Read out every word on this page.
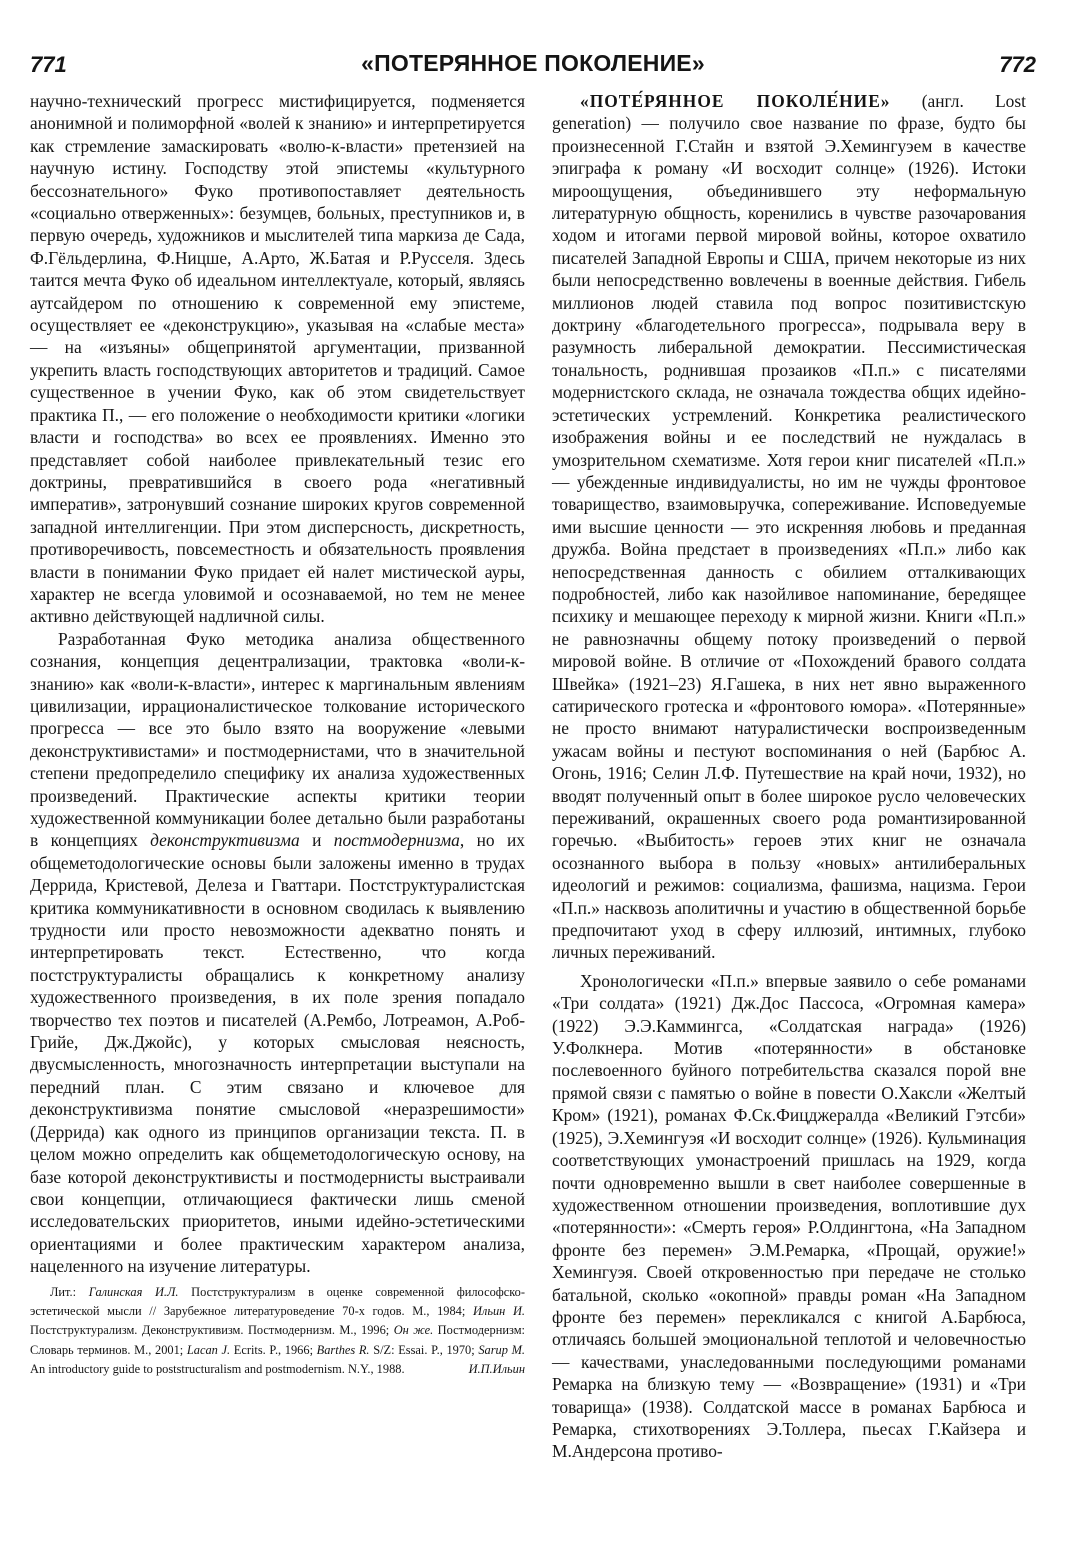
771	«ПОТЕРЯННОЕ ПОКОЛЕНИЕ»	772

научно-технический прогресс мистифицируется, подменяется анонимной и полиморфной «волей к знанию» и интерпретируется как стремление замаскировать «волю-к-власти» претензией на научную истину. Господству этой эпистемы «культурного бессознательного» Фуко противопоставляет деятельность «социально отверженных»: безумцев, больных, преступников и, в первую очередь, художников и мыслителей типа маркиза де Сада, Ф.Гёльдерлина, Ф.Ницше, А.Арто, Ж.Батая и Р.Русселя. Здесь таится мечта Фуко об идеальном интеллектуале, который, являясь аутсайдером по отношению к современной ему эпистеме, осуществляет ее «деконструкцию», указывая на «слабые места» — на «изъяны» общепринятой аргументации, призванной укрепить власть господствующих авторитетов и традиций. Самое существенное в учении Фуко, как об этом свидетельствует практика П., — его положение о необходимости критики «логики власти и господства» во всех ее проявлениях. Именно это представляет собой наиболее привлекательный тезис его доктрины, превратившийся в своего рода «негативный императив», затронувший сознание широких кругов современной западной интеллигенции. При этом дисперсность, дискретность, противоречивость, повсеместность и обязательность проявления власти в понимании Фуко придает ей налет мистической ауры, характер не всегда уловимой и осознаваемой, но тем не менее активно действующей надличной силы.

Разработанная Фуко методика анализа общественного сознания, концепция децентрализации, трактовка «воли-к-знанию» как «воли-к-власти», интерес к маргинальным явлениям цивилизации, иррационалистическое толкование исторического прогресса — все это было взято на вооружение «левыми деконструктивистами» и постмодернистами, что в значительной степени предопределило специфику их анализа художественных произведений. Практические аспекты критики теории художественной коммуникации более детально были разработаны в концепциях деконструктивизма и постмодернизма, но их общеметодологические основы были заложены именно в трудах Деррида, Кристевой, Делеза и Гваттари. Постструктуралистская критика коммуникативности в основном сводилась к выявлению трудности или просто невозможности адекватно понять и интерпретировать текст. Естественно, что когда постструктуралисты обращались к конкретному анализу художественного произведения, в их поле зрения попадало творчество тех поэтов и писателей (А.Рембо, Лотреамон, А.Роб-Грийе, Дж.Джойс), у которых смысловая неясность, двусмысленность, многозначность интерпретации выступали на передний план. С этим связано и ключевое для деконструктивизма понятие смысловой «неразрешимости» (Деррида) как одного из принципов организации текста. П. в целом можно определить как общеметодологическую основу, на базе которой деконструктивисты и постмодернисты выстраивали свои концепции, отличающиеся фактически лишь сменой исследовательских приоритетов, иными идейно-эстетическими ориентациями и более практическим характером анализа, нацеленного на изучение литературы.

Лит.: Галинская И.Л. Постструктурализм в оценке современной философско-эстетической мысли // Зарубежное литературоведение 70-х годов. М., 1984; Ильин И. Постструктурализм. Деконструктивизм. Постмодернизм. М., 1996; Он же. Постмодернизм: Словарь терминов. М., 2001; Lacan J. Ecrits. P., 1966; Barthes R. S/Z: Essai. P., 1970; Sarup M. An introductory guide to poststructuralism and postmodernism. N.Y., 1988.	И.П.Ильин

«ПОТЕ́РЯННОЕ ПОКОЛЕ́НИЕ» (англ. Lost generation) — получило свое название по фразе, будто бы произнесенной Г.Стайн и взятой Э.Хемингуэем в качестве эпиграфа к роману «И восходит солнце» (1926). Истоки мироощущения, объединившего эту неформальную литературную общность, коренились в чувстве разочарования ходом и итогами первой мировой войны, которое охватило писателей Западной Европы и США, причем некоторые из них были непосредственно вовлечены в военные действия. Гибель миллионов людей ставила под вопрос позитивистскую доктрину «благодетельного прогресса», подрывала веру в разумность либеральной демократии. Пессимистическая тональность, роднившая прозаиков «П.п.» с писателями модернистского склада, не означала тождества общих идейно-эстетических устремлений. Конкретика реалистического изображения войны и ее последствий не нуждалась в умозрительном схематизме. Хотя герои книг писателей «П.п.» — убежденные индивидуалисты, но им не чужды фронтовое товарищество, взаимовыручка, сопереживание. Исповедуемые ими высшие ценности — это искренняя любовь и преданная дружба. Война предстает в произведениях «П.п.» либо как непосредственная данность с обилием отталкивающих подробностей, либо как назойливое напоминание, бередящее психику и мешающее переходу к мирной жизни. Книги «П.п.» не равнозначны общему потоку произведений о первой мировой войне. В отличие от «Похождений бравого солдата Швейка» (1921–23) Я.Гашека, в них нет явно выраженного сатирического гротеска и «фронтового юмора». «Потерянные» не просто внимают натуралистически воспроизведенным ужасам войны и пестуют воспоминания о ней (Барбюс А. Огонь, 1916; Селин Л.Ф. Путешествие на край ночи, 1932), но вводят полученный опыт в более широкое русло человеческих переживаний, окрашенных своего рода романтизированной горечью. «Выбитость» героев этих книг не означала осознанного выбора в пользу «новых» антилиберальных идеологий и режимов: социализма, фашизма, нацизма. Герои «П.п.» насквозь аполитичны и участию в общественной борьбе предпочитают уход в сферу иллюзий, интимных, глубоко личных переживаний.

Хронологически «П.п.» впервые заявило о себе романами «Три солдата» (1921) Дж.Дос Пассоса, «Огромная камера» (1922) Э.Э.Каммингса, «Солдатская награда» (1926) У.Фолкнера. Мотив «потерянности» в обстановке послевоенного буйного потребительства сказался порой вне прямой связи с памятью о войне в повести О.Хаксли «Желтый Кром» (1921), романах Ф.Ск.Фицджералда «Великий Гэтсби» (1925), Э.Хемингуэя «И восходит солнце» (1926). Кульминация соответствующих умонастроений пришлась на 1929, когда почти одновременно вышли в свет наиболее совершенные в художественном отношении произведения, воплотившие дух «потерянности»: «Смерть героя» Р.Олдингтона, «На Западном фронте без перемен» Э.М.Ремарка, «Прощай, оружие!» Хемингуэя. Своей откровенностью при передаче не столько батальной, сколько «окопной» правды роман «На Западном фронте без перемен» перекликался с книгой А.Барбюса, отличаясь большей эмоциональной теплотой и человечностью — качествами, унаследованными последующими романами Ремарка на близкую тему — «Возвращение» (1931) и «Три товарища» (1938). Солдатской массе в романах Барбюса и Ремарка, стихотворениях Э.Толлера, пьесах Г.Кайзера и М.Андерсона противо-
